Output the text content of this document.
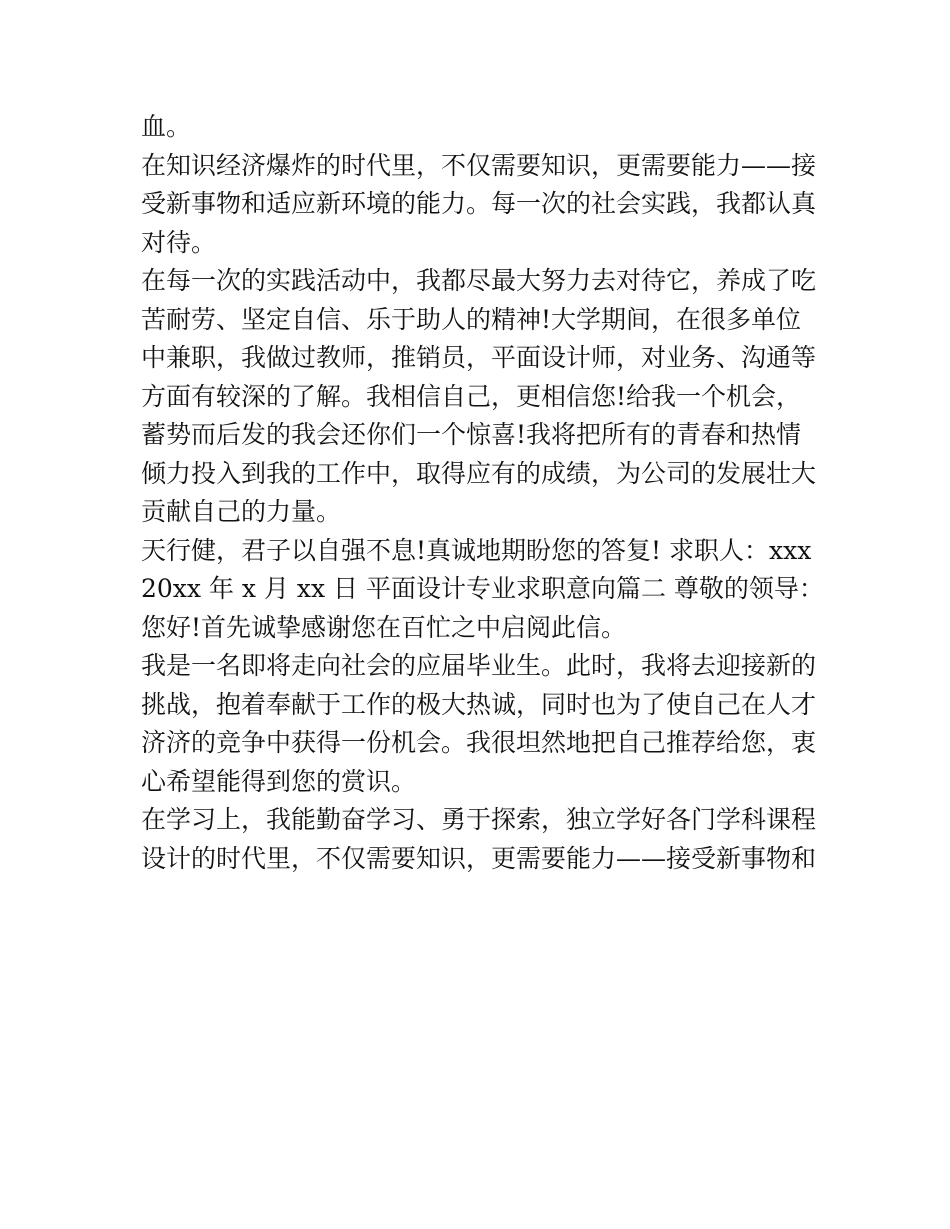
血。
在知识经济爆炸的时代里，不仅需要知识，更需要能力——接
受新事物和适应新环境的能力。每一次的社会实践，我都认真
对待。
在每一次的实践活动中，我都尽最大努力去对待它，养成了吃
苦耐劳、坚定自信、乐于助人的精神!大学期间，在很多单位
中兼职，我做过教师，推销员，平面设计师，对业务、沟通等
方面有较深的了解。我相信自己，更相信您!给我一个机会，
蓄势而后发的我会还你们一个惊喜!我将把所有的青春和热情
倾力投入到我的工作中，取得应有的成绩，为公司的发展壮大
贡献自己的力量。
天行健，君子以自强不息!真诚地期盼您的答复! 求职人：xxx
20xx 年 x 月 xx 日 平面设计专业求职意向篇二 尊敬的领导：
您好!首先诚挚感谢您在百忙之中启阅此信。
我是一名即将走向社会的应届毕业生。此时，我将去迎接新的
挑战，抱着奉献于工作的极大热诚，同时也为了使自己在人才
济济的竞争中获得一份机会。我很坦然地把自己推荐给您，衷
心希望能得到您的赏识。
在学习上，我能勤奋学习、勇于探索，独立学好各门学科课程
设计的时代里，不仅需要知识，更需要能力——接受新事物和
